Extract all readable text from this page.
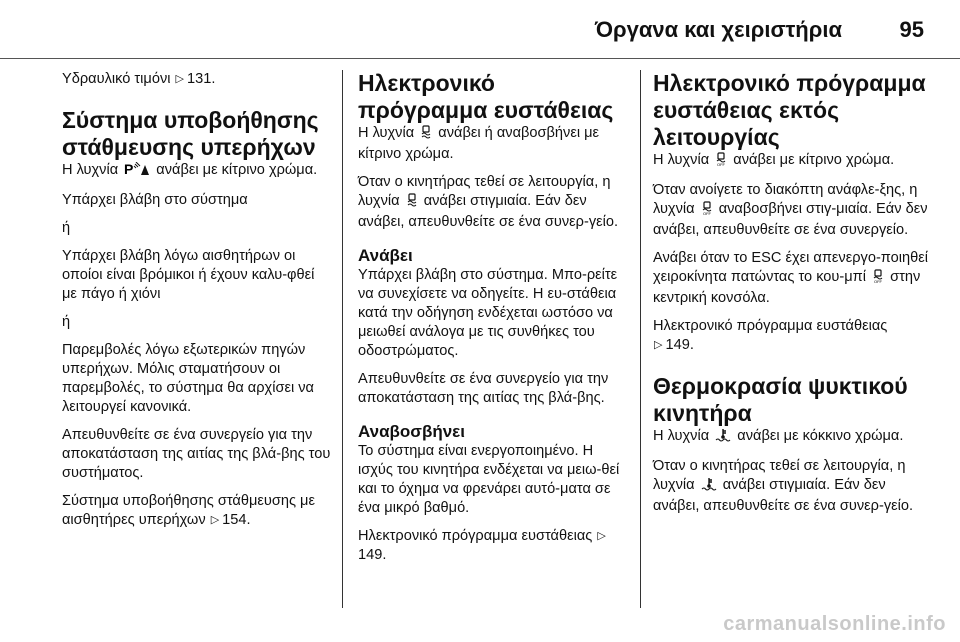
Όργανα και χειριστήρια	95

Υδραυλικό τιμόνι ▷ 131.

Σύστημα υποβοήθησης στάθμευσης υπερήχων

Η λυχνία P ανάβει με κίτρινο χρώμα.

Υπάρχει βλάβη στο σύστημα

ή

Υπάρχει βλάβη λόγω αισθητήρων οι οποίοι είναι βρόμικοι ή έχουν καλυ-φθεί με πάγο ή χιόνι

ή

Παρεμβολές λόγω εξωτερικών πηγών υπερήχων. Μόλις σταματήσουν οι παρεμβολές, το σύστημα θα αρχίσει να λειτουργεί κανονικά.

Απευθυνθείτε σε ένα συνεργείο για την αποκατάσταση της αιτίας της βλά-βης του συστήματος.

Σύστημα υποβοήθησης στάθμευσης με αισθητήρες υπερήχων ▷ 154.

Ηλεκτρονικό πρόγραμμα ευστάθειας

Η λυχνία ανάβει ή αναβοσβήνει με κίτρινο χρώμα.

Όταν ο κινητήρας τεθεί σε λειτουργία, η λυχνία ανάβει στιγμιαία. Εάν δεν ανάβει, απευθυνθείτε σε ένα συνερ-γείο.

Ανάβει

Υπάρχει βλάβη στο σύστημα. Μπο-ρείτε να συνεχίσετε να οδηγείτε. Η ευ-στάθεια κατά την οδήγηση ενδέχεται ωστόσο να μειωθεί ανάλογα με τις συνθήκες του οδοστρώματος.

Απευθυνθείτε σε ένα συνεργείο για την αποκατάσταση της αιτίας της βλά-βης.

Αναβοσβήνει

Το σύστημα είναι ενεργοποιημένο. Η ισχύς του κινητήρα ενδέχεται να μειω-θεί και το όχημα να φρενάρει αυτό-ματα σε ένα μικρό βαθμό.

Ηλεκτρονικό πρόγραμμα ευστάθειας ▷149.

Ηλεκτρονικό πρόγραμμα ευστάθειας εκτός λειτουργίας

Η λυχνία OFF ανάβει με κίτρινο χρώμα.

Όταν ανοίγετε το διακόπτη ανάφλε-ξης, η λυχνία OFF αναβοσβήνει στιγ-μιαία. Εάν δεν ανάβει, απευθυνθείτε σε ένα συνεργείο.

Ανάβει όταν το ESC έχει απενεργο-ποιηθεί χειροκίνητα πατώντας το κου-μπί OFF στην κεντρική κονσόλα.

Ηλεκτρονικό πρόγραμμα ευστάθειας
▷ 149.

Θερμοκρασία ψυκτικού κινητήρα

Η λυχνία ανάβει με κόκκινο χρώμα.

Όταν ο κινητήρας τεθεί σε λειτουργία, η λυχνία ανάβει στιγμιαία. Εάν δεν ανάβει, απευθυνθείτε σε ένα συνερ-γείο.

carmanualsonline.info
